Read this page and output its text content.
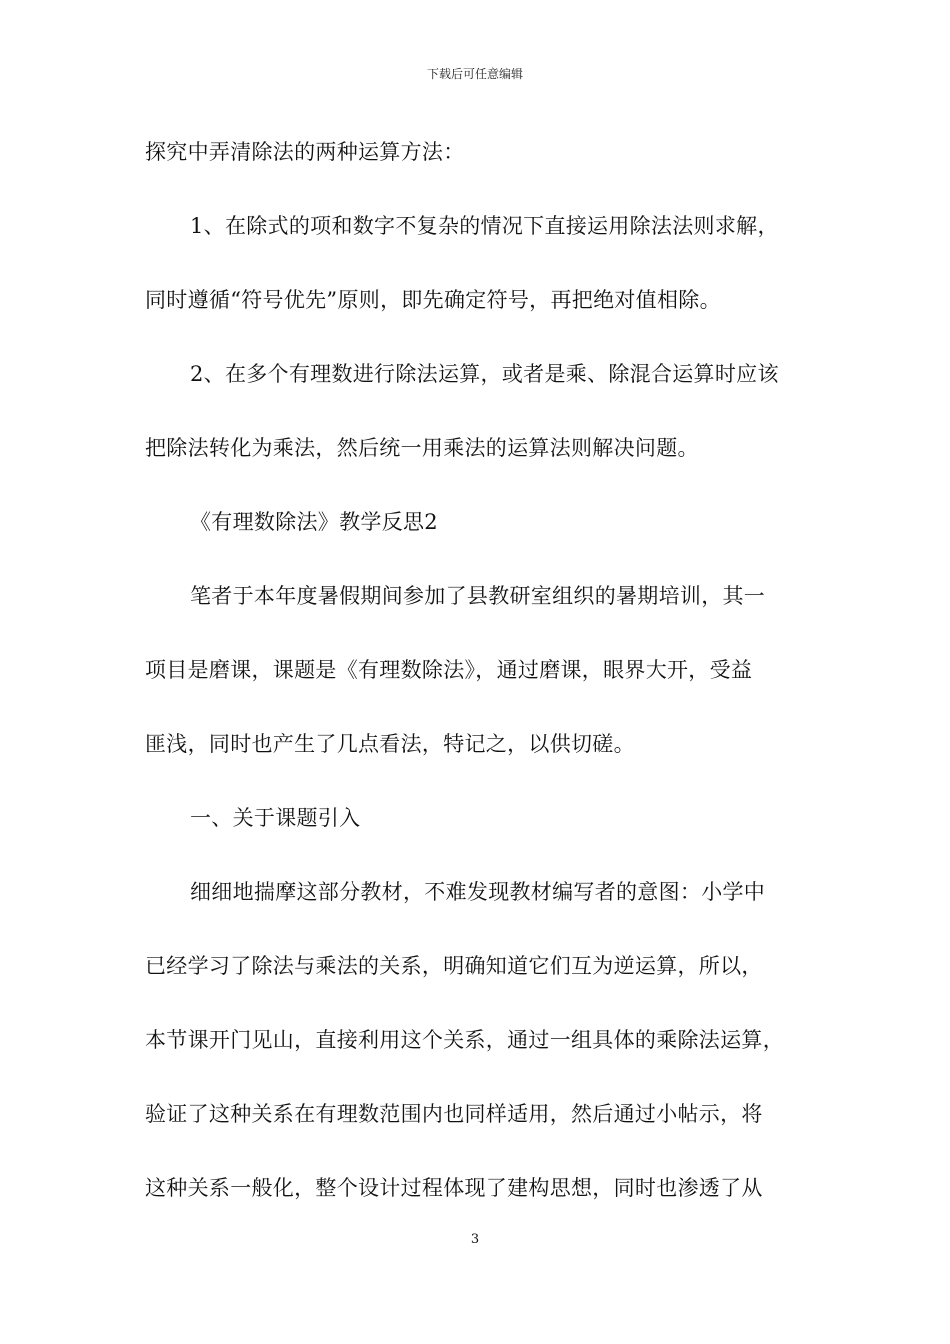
下载后可任意编辑
探究中弄清除法的两种运算方法：
1、在除式的项和数字不复杂的情况下直接运用除法法则求解，
同时遵循“符号优先”原则，即先确定符号，再把绝对值相除。
2、在多个有理数进行除法运算，或者是乘、除混合运算时应该
把除法转化为乘法，然后统一用乘法的运算法则解决问题。
《有理数除法》教学反思2
笔者于本年度暑假期间参加了县教研室组织的暑期培训，其一
项目是磨课，课题是《有理数除法》，通过磨课，眼界大开，受益
匪浅，同时也产生了几点看法，特记之，以供切磋。
一、关于课题引入
细细地揣摩这部分教材，不难发现教材编写者的意图：小学中
已经学习了除法与乘法的关系，明确知道它们互为逆运算，所以，
本节课开门见山，直接利用这个关系，通过一组具体的乘除法运算，
验证了这种关系在有理数范围内也同样适用，然后通过小帖示，将
这种关系一般化，整个设计过程体现了建构思想，同时也渗透了从
3
